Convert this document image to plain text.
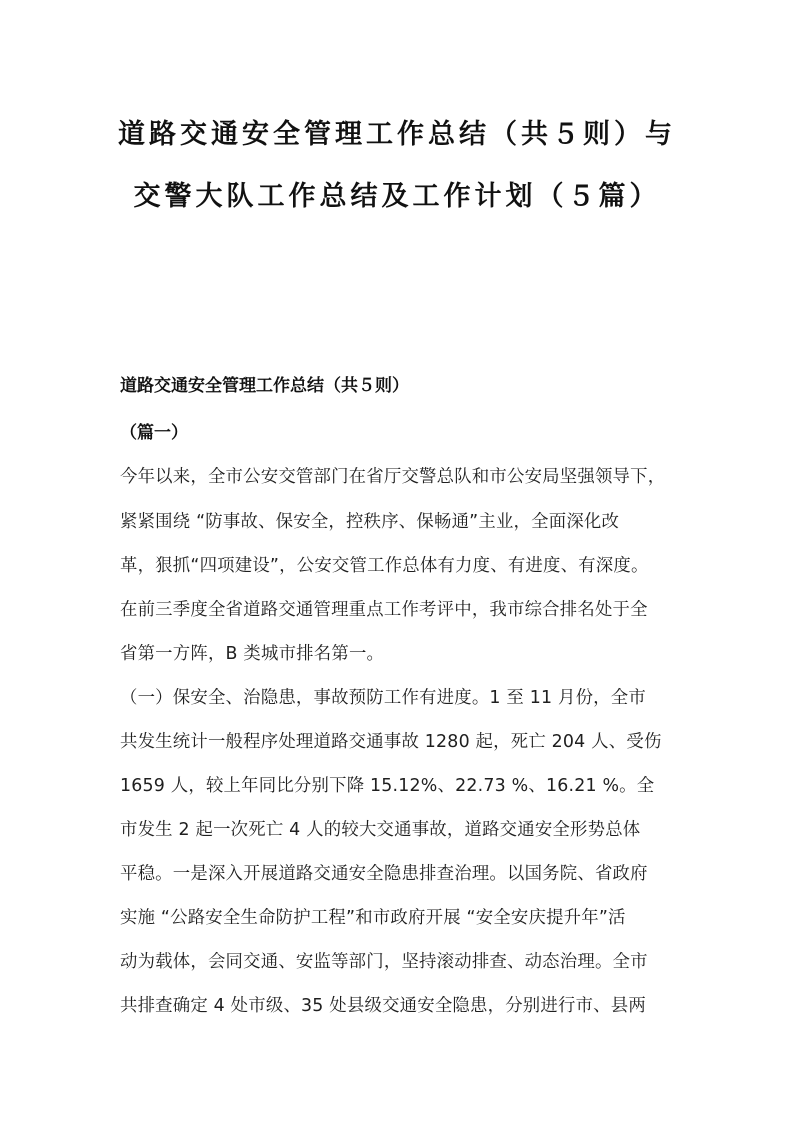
道路交通安全管理工作总结（共５则）与
交警大队工作总结及工作计划（５篇）
道路交通安全管理工作总结（共５则）
（篇一）
今年以来，全市公安交管部门在省厅交警总队和市公安局坚强领导下，
紧紧围绕 “防事故、保安全，控秩序、保畅通”主业，全面深化改
革，狠抓“四项建设”，公安交管工作总体有力度、有进度、有深度。
在前三季度全省道路交通管理重点工作考评中，我市综合排名处于全
省第一方阵，B 类城市排名第一。
（一）保安全、治隐患，事故预防工作有进度。1 至 11 月份，全市
共发生统计一般程序处理道路交通事故 1280 起，死亡 204 人、受伤
1659 人，较上年同比分别下降 15.12%、22.73 %、16.21 %。全
市发生 2 起一次死亡 4 人的较大交通事故，道路交通安全形势总体
平稳。一是深入开展道路交通安全隐患排查治理。以国务院、省政府
实施 “公路安全生命防护工程”和市政府开展 “安全安庆提升年”活
动为载体，会同交通、安监等部门，坚持滚动排查、动态治理。全市
共排查确定 4 处市级、35 处县级交通安全隐患，分别进行市、县两
